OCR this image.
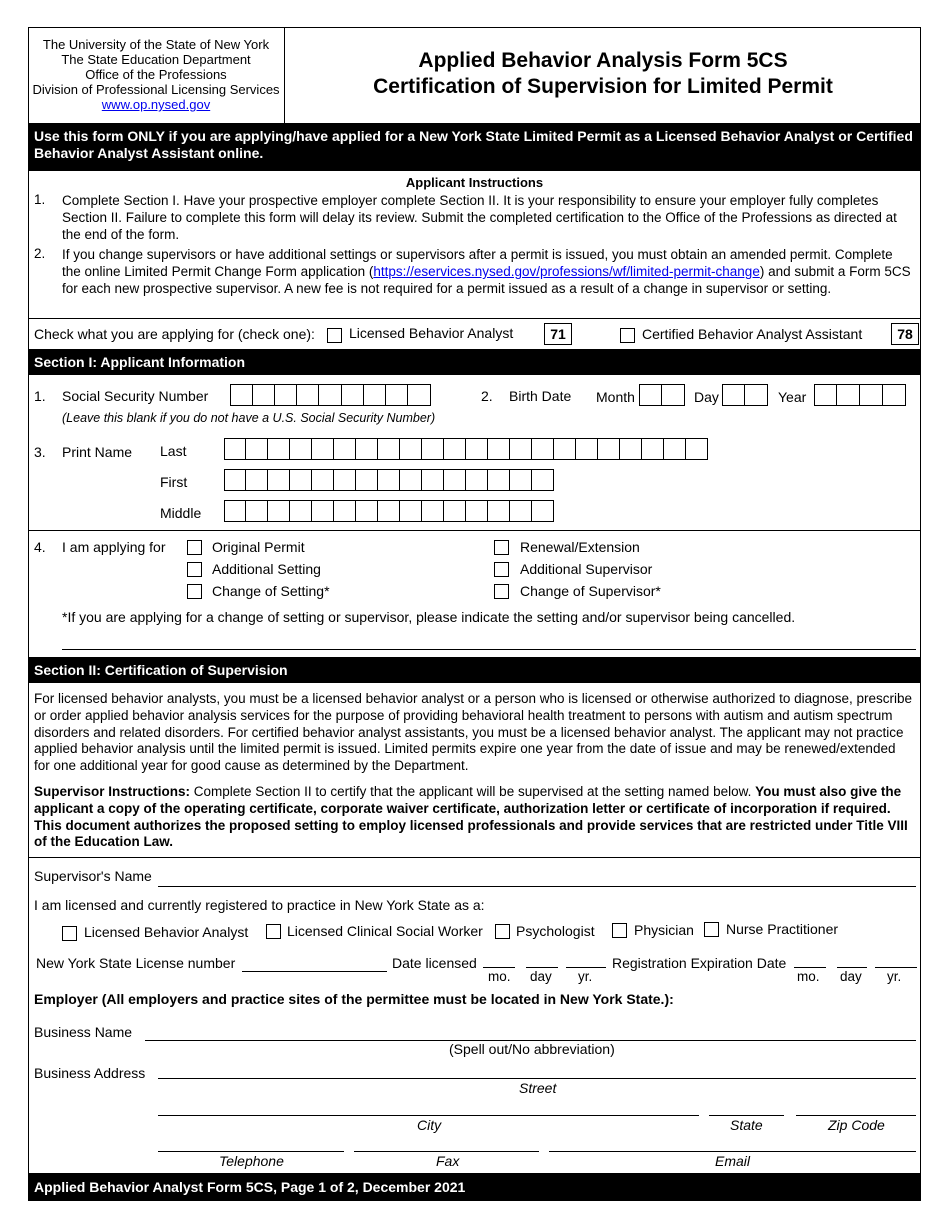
The University of the State of New York
The State Education Department
Office of the Professions
Division of Professional Licensing Services
www.op.nysed.gov
Applied Behavior Analysis Form 5CS
Certification of Supervision for Limited Permit
Use this form ONLY if you are applying/have applied for a New York State Limited Permit as a Licensed Behavior Analyst or Certified Behavior Analyst Assistant online.
Applicant Instructions
1. Complete Section I. Have your prospective employer complete Section II. It is your responsibility to ensure your employer fully completes Section II. Failure to complete this form will delay its review. Submit the completed certification to the Office of the Professions as directed at the end of the form.
2. If you change supervisors or have additional settings or supervisors after a permit is issued, you must obtain an amended permit. Complete the online Limited Permit Change Form application (https://eservices.nysed.gov/professions/wf/limited-permit-change) and submit a Form 5CS for each new prospective supervisor. A new fee is not required for a permit issued as a result of a change in supervisor or setting.
Check what you are applying for (check one): Licensed Behavior Analyst	71	Certified Behavior Analyst Assistant	78
Section I: Applicant Information
1. Social Security Number
(Leave this blank if you do not have a U.S. Social Security Number)
2. Birth Date Month	Day	Year
3. Print Name Last
First
Middle
4. I am applying for	Original Permit
Additional Setting
Change of Setting*
Renewal/Extension
Additional Supervisor
Change of Supervisor*
*If you are applying for a change of setting or supervisor, please indicate the setting and/or supervisor being cancelled.
Section II: Certification of Supervision
For licensed behavior analysts, you must be a licensed behavior analyst or a person who is licensed or otherwise authorized to diagnose, prescribe or order applied behavior analysis services for the purpose of providing behavioral health treatment to persons with autism and autism spectrum disorders and related disorders. For certified behavior analyst assistants, you must be a licensed behavior analyst. The applicant may not practice applied behavior analysis until the limited permit is issued. Limited permits expire one year from the date of issue and may be renewed/extended for one additional year for good cause as determined by the Department.
Supervisor Instructions: Complete Section II to certify that the applicant will be supervised at the setting named below. You must also give the applicant a copy of the operating certificate, corporate waiver certificate, authorization letter or certificate of incorporation if required. This document authorizes the proposed setting to employ licensed professionals and provide services that are restricted under Title VIII of the Education Law.
Supervisor's Name
I am licensed and currently registered to practice in New York State as a:
Licensed Behavior Analyst	Licensed Clinical Social Worker Psychologist	Physician Nurse Practitioner
New York State License number	Date licensed
mo. day yr.
Registration Expiration Date
mo. day yr.
Employer (All employers and practice sites of the permittee must be located in New York State.):
Business Name
(Spell out/No abbreviation)
Business Address
Street
City	State	Zip Code
Telephone	Fax	Email
Applied Behavior Analyst Form 5CS, Page 1 of 2, December 2021
